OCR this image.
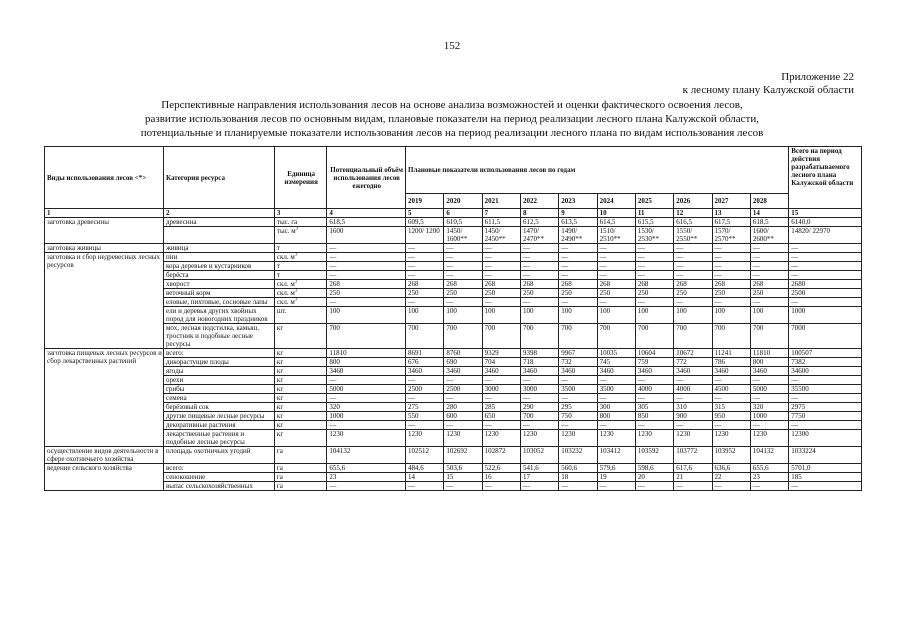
152
Приложение 22
к лесному плану Калужской области
Перспективные направления использования лесов на основе анализа возможностей и оценки фактического освоения лесов,
развитие использования лесов по основным видам, плановые показатели на период реализации лесного плана Калужской области,
потенциальные и планируемые показатели использования лесов на период реализации лесного плана по видам использования лесов
Виды использования лесов <*>	Категория ресурса	Единица измерения	Потенциальный объём использования лесов ежегодно	Плановые показатели использования лесов по годам										Всего на период действия разрабатываемого лесного плана Калужской области
				2019	2020	2021	2022	2023	2024	2025	2026	2027	2028	
1	2	3	4	5	6	7	8	9	10	11	12	13	14	15
заготовка древесины	древесина	тыс. га	618,5	609,5	610,5	611,5	612,5	613,5	614,5	615,5	616,5	617,5	618,5	6140,0
		тыс. $м^3$	1600	1200/ 1200	1450/ 1600**	1450/ 2450**	1470/ 2470**	1490/ 2490**	1510/ 2510**	1530/ 2530**	1550/ 2550**	1570/ 2570**	1600/ 2600**	14820/ 22970
заготовка живицы	живица	т	—	—	—	—	—	—	—	—	—	—	—	—
заготовка и сбор недревесных лесных ресурсов	пни	скл. $м^3$	—	—	—	—	—	—	—	—	—	—	—	—
	кора деревьев и кустарников	т	—	—	—	—	—	—	—	—	—	—	—	—
	берёста	т	—	—	—	—	—	—	—	—	—	—	—	—
	хворост	скл. $м^3$	268	268	268	268	268	268	268	268	268	268	268	2680
	веточный корм	скл. $м^3$	250	250	250	250	250	250	250	250	250	250	250	2500
	еловые, пихтовые, сосновые лапы	скл. $м^3$	—	—	—	—	—	—	—	—	—	—	—	—
	ели и деревья других хвойных пород для новогодних праздников	шт.	100	100	100	100	100	100	100	100	100	100	100	1000
	мох, лесная подстилка, камыш, тростник и подобные лесные ресурсы	кг	700	700	700	700	700	700	700	700	700	700	700	7000
заготовка пищевых лесных ресурсов и сбор лекарственных растений	всего:	кг	11810	8691	8760	9329	9398	9967	10035	10604	10672	11241	11810	100507
	дикорастущие плоды	кг	800	676	690	704	718	732	745	759	772	786	800	7382
	ягоды	кг	3460	3460	3460	3460	3460	3460	3460	3460	3460	3460	3460	34600
	орехи	кг	—	—	—	—	—	—	—	—	—	—	—	—
	грибы	кг	5000	2500	2500	3000	3000	3500	3500	4000	4000	4500	5000	35500
	семена	кг	—	—	—	—	—	—	—	—	—	—	—	—
	берёзовый сок	кг	320	275	280	285	290	295	300	305	310	315	320	2975
	другие пищевые лесные ресурсы	кг	1000	550	600	650	700	750	800	850	900	950	1000	7750
	декоративные растения	кг	—	—	—	—	—	—	—	—	—	—	—	—
	лекарственные растения и подобные лесные ресурсы	кг	1230	1230	1230	1230	1230	1230	1230	1230	1230	1230	1230	12300
осуществление видов деятельности в сфере охотничьего хозяйства	площадь охотничьих угодий	га	104132	102512	102692	102872	103052	103232	103412	103592	103772	103952	104132	1033224
ведение сельского хозяйства	всего:	га	655,6	484,6	503,6	522,6	541,6	560,6	579,6	598,6	617,6	636,6	655,6	5701,0
	сенокошение	га	23	14	15	16	17	18	19	20	21	22	23	185
	выпас сельскохозяйственных	га	—	—	—	—	—	—	—	—	—	—	—	—
